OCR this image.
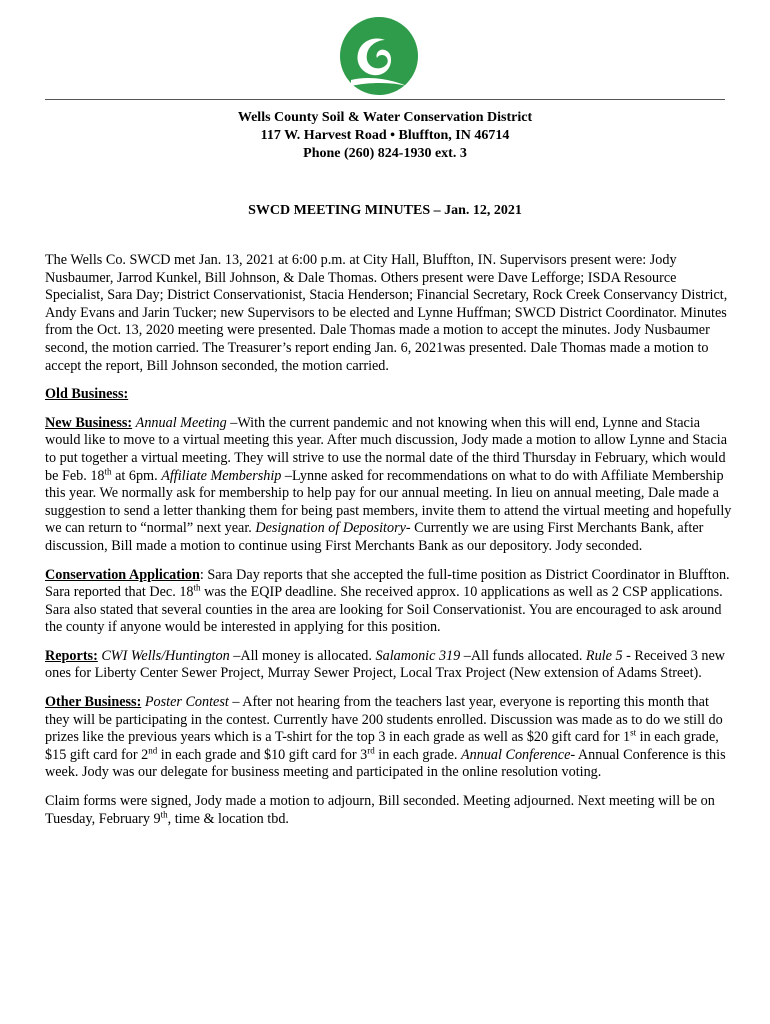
Wells County Soil & Water Conservation District
117 W. Harvest Road • Bluffton, IN 46714
Phone (260) 824-1930 ext. 3
SWCD MEETING MINUTES – Jan. 12, 2021

The Wells Co. SWCD met Jan. 13, 2021 at 6:00 p.m. at City Hall, Bluffton, IN. Supervisors present were: Jody Nusbaumer, Jarrod Kunkel, Bill Johnson, & Dale Thomas. Others present were Dave Lefforge; ISDA Resource Specialist, Sara Day; District Conservationist, Stacia Henderson; Financial Secretary, Rock Creek Conservancy District, Andy Evans and Jarin Tucker; new Supervisors to be elected and Lynne Huffman; SWCD District Coordinator. Minutes from the Oct. 13, 2020 meeting were presented. Dale Thomas made a motion to accept the minutes. Jody Nusbaumer second, the motion carried. The Treasurer’s report ending Jan. 6, 2021was presented. Dale Thomas made a motion to accept the report, Bill Johnson seconded, the motion carried.

Old Business:

New Business: Annual Meeting –With the current pandemic and not knowing when this will end, Lynne and Stacia would like to move to a virtual meeting this year. After much discussion, Jody made a motion to allow Lynne and Stacia to put together a virtual meeting. They will strive to use the normal date of the third Thursday in February, which would be Feb. 18th at 6pm. Affiliate Membership –Lynne asked for recommendations on what to do with Affiliate Membership this year. We normally ask for membership to help pay for our annual meeting. In lieu on annual meeting, Dale made a suggestion to send a letter thanking them for being past members, invite them to attend the virtual meeting and hopefully we can return to “normal” next year. Designation of Depository- Currently we are using First Merchants Bank, after discussion, Bill made a motion to continue using First Merchants Bank as our depository. Jody seconded.

Conservation Application: Sara Day reports that she accepted the full-time position as District Coordinator in Bluffton. Sara reported that Dec. 18th was the EQIP deadline. She received approx. 10 applications as well as 2 CSP applications. Sara also stated that several counties in the area are looking for Soil Conservationist. You are encouraged to ask around the county if anyone would be interested in applying for this position.

Reports: CWI Wells/Huntington –All money is allocated. Salamonic 319 –All funds allocated. Rule 5 - Received 3 new ones for Liberty Center Sewer Project, Murray Sewer Project, Local Trax Project (New extension of Adams Street).

Other Business: Poster Contest – After not hearing from the teachers last year, everyone is reporting this month that they will be participating in the contest. Currently have 200 students enrolled. Discussion was made as to do we still do prizes like the previous years which is a T-shirt for the top 3 in each grade as well as $20 gift card for 1st in each grade, $15 gift card for 2nd in each grade and $10 gift card for 3rd in each grade. Annual Conference- Annual Conference is this week. Jody was our delegate for business meeting and participated in the online resolution voting.

Claim forms were signed, Jody made a motion to adjourn, Bill seconded. Meeting adjourned. Next meeting will be on Tuesday, February 9th, time & location tbd.
